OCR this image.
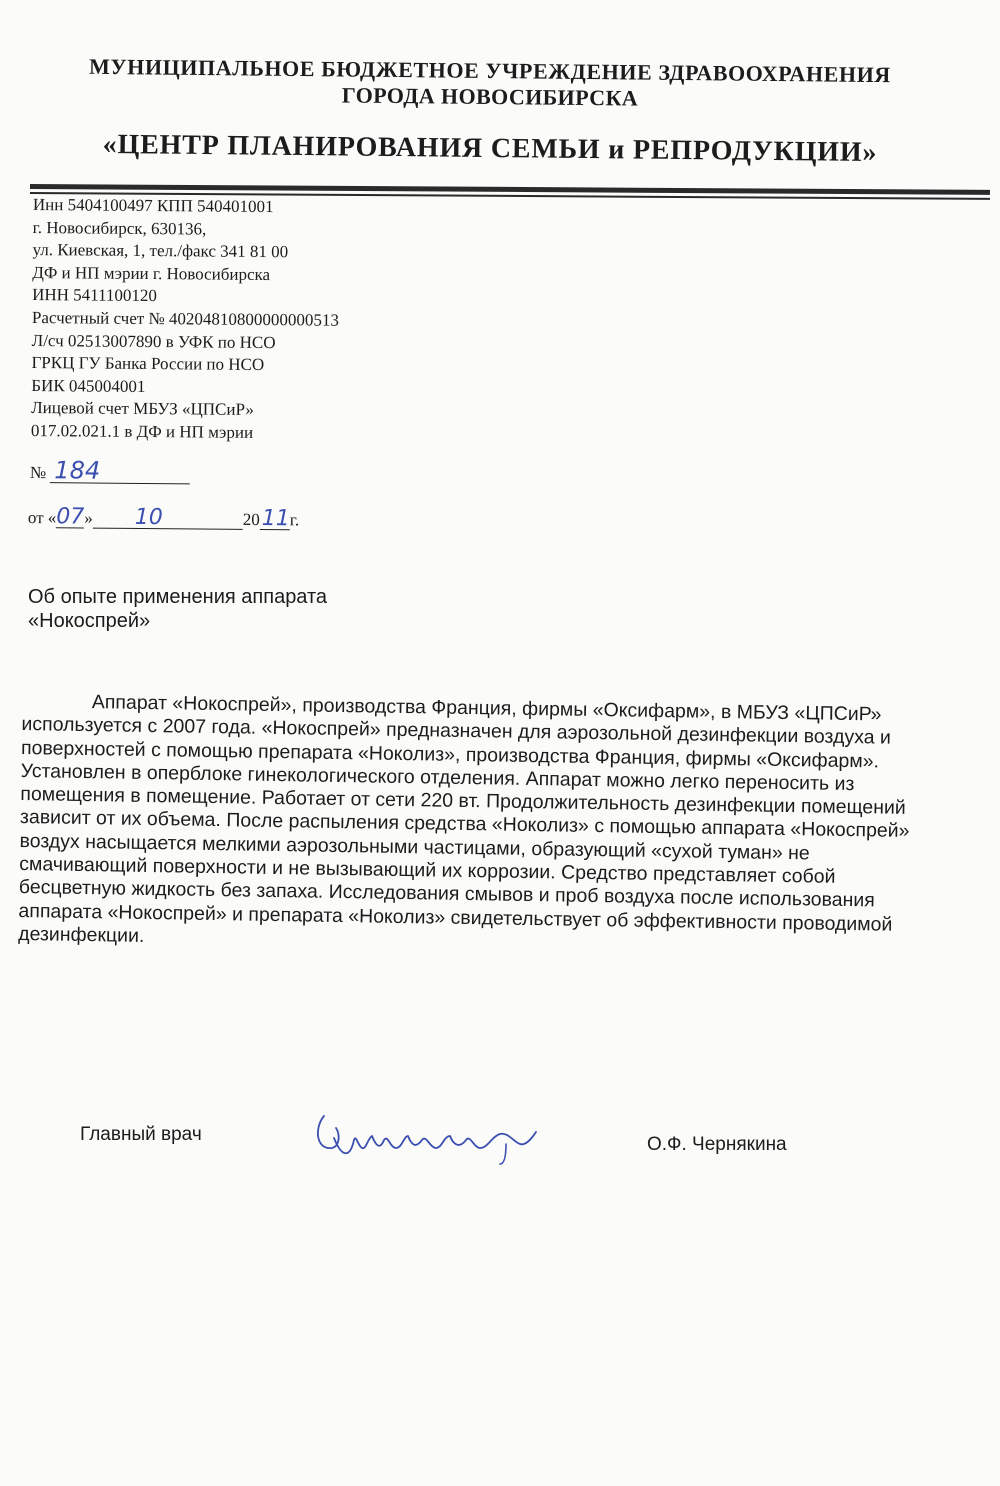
МУНИЦИПАЛЬНОЕ БЮДЖЕТНОЕ УЧРЕЖДЕНИЕ ЗДРАВООХРАНЕНИЯ
ГОРОДА НОВОСИБИРСКА
«ЦЕНТР ПЛАНИРОВАНИЯ СЕМЬИ и РЕПРОДУКЦИИ»
Инн 5404100497 КПП 540401001
г. Новосибирск, 630136,
ул. Киевская, 1, тел./факс 341 81 00
ДФ и НП мэрии г. Новосибирска
ИНН 5411100120
Расчетный счет № 40204810800000000513
Л/сч 02513007890 в УФК по НСО
ГРКЦ ГУ Банка России по НСО
БИК 045004001
Лицевой счет МБУЗ «ЦПСиР»
017.02.021.1 в ДФ и НП мэрии
№ 184
от « 07 » 10	20 11 г.
Об опыте применения аппарата
«Нокоспрей»

Аппарат «Нокоспрей», производства Франция, фирмы «Оксифарм», в МБУЗ «ЦПСиР» используется с 2007 года. «Нокоспрей» предназначен для аэрозольной дезинфекции воздуха и поверхностей с помощью препарата «Ноколиз», производства Франция, фирмы «Оксифарм». Установлен в оперблоке гинекологического отделения. Аппарат можно легко переносить из помещения в помещение. Работает от сети 220 вт. Продолжительность дезинфекции помещений зависит от их объема. После распыления средства «Ноколиз» с помощью аппарата «Нокоспрей» воздух насыщается мелкими аэрозольными частицами, образующий «сухой туман» не смачивающий поверхности и не вызывающий их коррозии. Средство представляет собой бесцветную жидкость без запаха. Исследования смывов и проб воздуха после использования аппарата «Нокоспрей» и препарата «Ноколиз» свидетельствует об эффективности проводимой дезинфекции.

Главный врач	О.Ф. Чернякина
